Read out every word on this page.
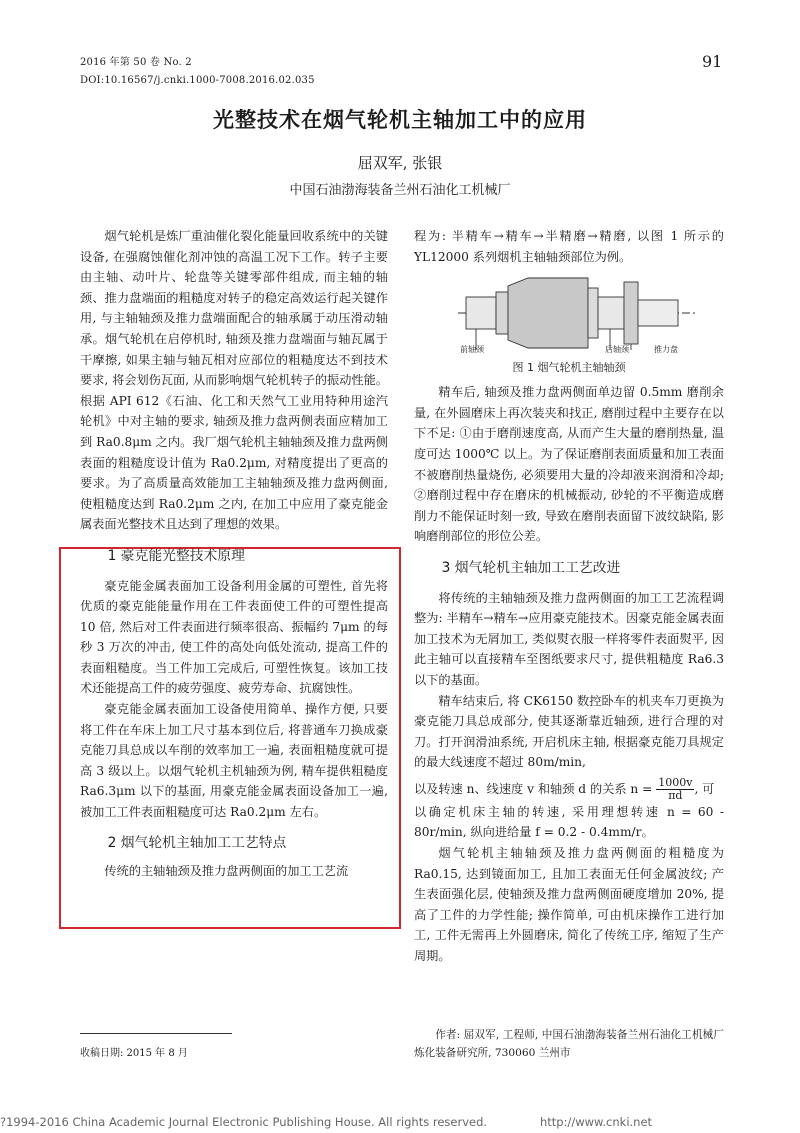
2016 年第 50 卷 No. 2
DOI:10.16567/j.cnki.1000-7008.2016.02.035
91
光整技术在烟气轮机主轴加工中的应用
屈双军, 张银
中国石油渤海装备兰州石油化工机械厂

烟气轮机是炼厂重油催化裂化能量回收系统中的关键设备, 在强腐蚀催化剂冲蚀的高温工况下工作。转子主要由主轴、动叶片、轮盘等关键零部件组成, 而主轴的轴颈、推力盘端面的粗糙度对转子的稳定高效运行起关键作用, 与主轴轴颈及推力盘端面配合的轴承属于动压滑动轴承。烟气轮机在启停机时, 轴颈及推力盘端面与轴瓦属于干摩擦, 如果主轴与轴瓦相对应部位的粗糙度达不到技术要求, 将会划伤瓦面, 从而影响烟气轮机转子的振动性能。根据 API 612《石油、化工和天然气工业用特种用途汽轮机》中对主轴的要求, 轴颈及推力盘两侧表面应精加工到 Ra0.8μm 之内。我厂烟气轮机主轴轴颈及推力盘两侧表面的粗糙度设计值为 Ra0.2μm, 对精度提出了更高的要求。为了高质量高效能加工主轴轴颈及推力盘两侧面, 使粗糙度达到 Ra0.2μm 之内, 在加工中应用了豪克能金属表面光整技术且达到了理想的效果。

1 豪克能光整技术原理

豪克能金属表面加工设备利用金属的可塑性, 首先将优质的豪克能能量作用在工件表面使工件的可塑性提高 10 倍, 然后对工件表面进行频率很高、振幅约 7μm 的每秒 3 万次的冲击, 使工件的高处向低处流动, 提高工件的表面粗糙度。当工件加工完成后, 可塑性恢复。该加工技术还能提高工件的疲劳强度、疲劳寿命、抗腐蚀性。

豪克能金属表面加工设备使用简单、操作方便, 只要将工件在车床上加工尺寸基本到位后, 将普通车刀换成豪克能刀具总成以车削的效率加工一遍, 表面粗糙度就可提高 3 级以上。以烟气轮机主机轴颈为例, 精车提供粗糙度 Ra6.3μm 以下的基面, 用豪克能金属表面设备加工一遍, 被加工工件表面粗糙度可达 Ra0.2μm 左右。

2 烟气轮机主轴加工工艺特点

传统的主轴轴颈及推力盘两侧面的加工工艺流

前轴颈	后轴颈	推力盘
图 1 烟气轮机主轴轴颈

程为: 半精车→精车→半精磨→精磨, 以图 1 所示的 YL12000 系列烟机主轴轴颈部位为例。

精车后, 轴颈及推力盘两侧面单边留 0.5mm 磨削余量, 在外圆磨床上再次装夹和找正, 磨削过程中主要存在以下不足: ①由于磨削速度高, 从而产生大量的磨削热量, 温度可达 1000℃ 以上。为了保证磨削表面质量和加工表面不被磨削热量烧伤, 必须要用大量的冷却液来润滑和冷却; ②磨削过程中存在磨床的机械振动, 砂轮的不平衡造成磨削力不能保证时刻一致, 导致在磨削表面留下波纹缺陷, 影响磨削部位的形位公差。

3 烟气轮机主轴加工工艺改进

将传统的主轴轴颈及推力盘两侧面的加工工艺流程调整为: 半精车→精车→应用豪克能技术。因豪克能金属表面加工技术为无屑加工, 类似熨衣服一样将零件表面熨平, 因此主轴可以直接精车至图纸要求尺寸, 提供粗糙度 Ra6.3 以下的基面。

精车结束后, 将 CK6150 数控卧车的机夹车刀更换为豪克能刀具总成部分, 使其逐渐靠近轴颈, 进行合理的对刀。打开润滑油系统, 开启机床主轴, 根据豪克能刀具规定的最大线速度不超过 80m/min,

以及转速 n、线速度 v 和轴颈 d 的关系 $n = \frac{1000v}{\pi d}$ , 可

以确定机床主轴的转速, 采用理想转速 n = 60 - 80r/min, 纵向进给量 f = 0.2 - 0.4mm/r。

烟气轮机主轴轴颈及推力盘两侧面的粗糙度为 Ra0.15, 达到镜面加工, 且加工表面无任何金属波纹; 产生表面强化层, 使轴颈及推力盘两侧面硬度增加 20%, 提高了工件的力学性能; 操作简单, 可由机床操作工进行加工, 工件无需再上外圆磨床, 简化了传统工序, 缩短了生产周期。

收稿日期: 2015 年 8 月
作者: 屈双军, 工程师, 中国石油渤海装备兰州石油化工机械厂炼化装备研究所, 730060 兰州市
?1994-2016 China Academic Journal Electronic Publishing House. All rights reserved.	http://www.cnki.net
